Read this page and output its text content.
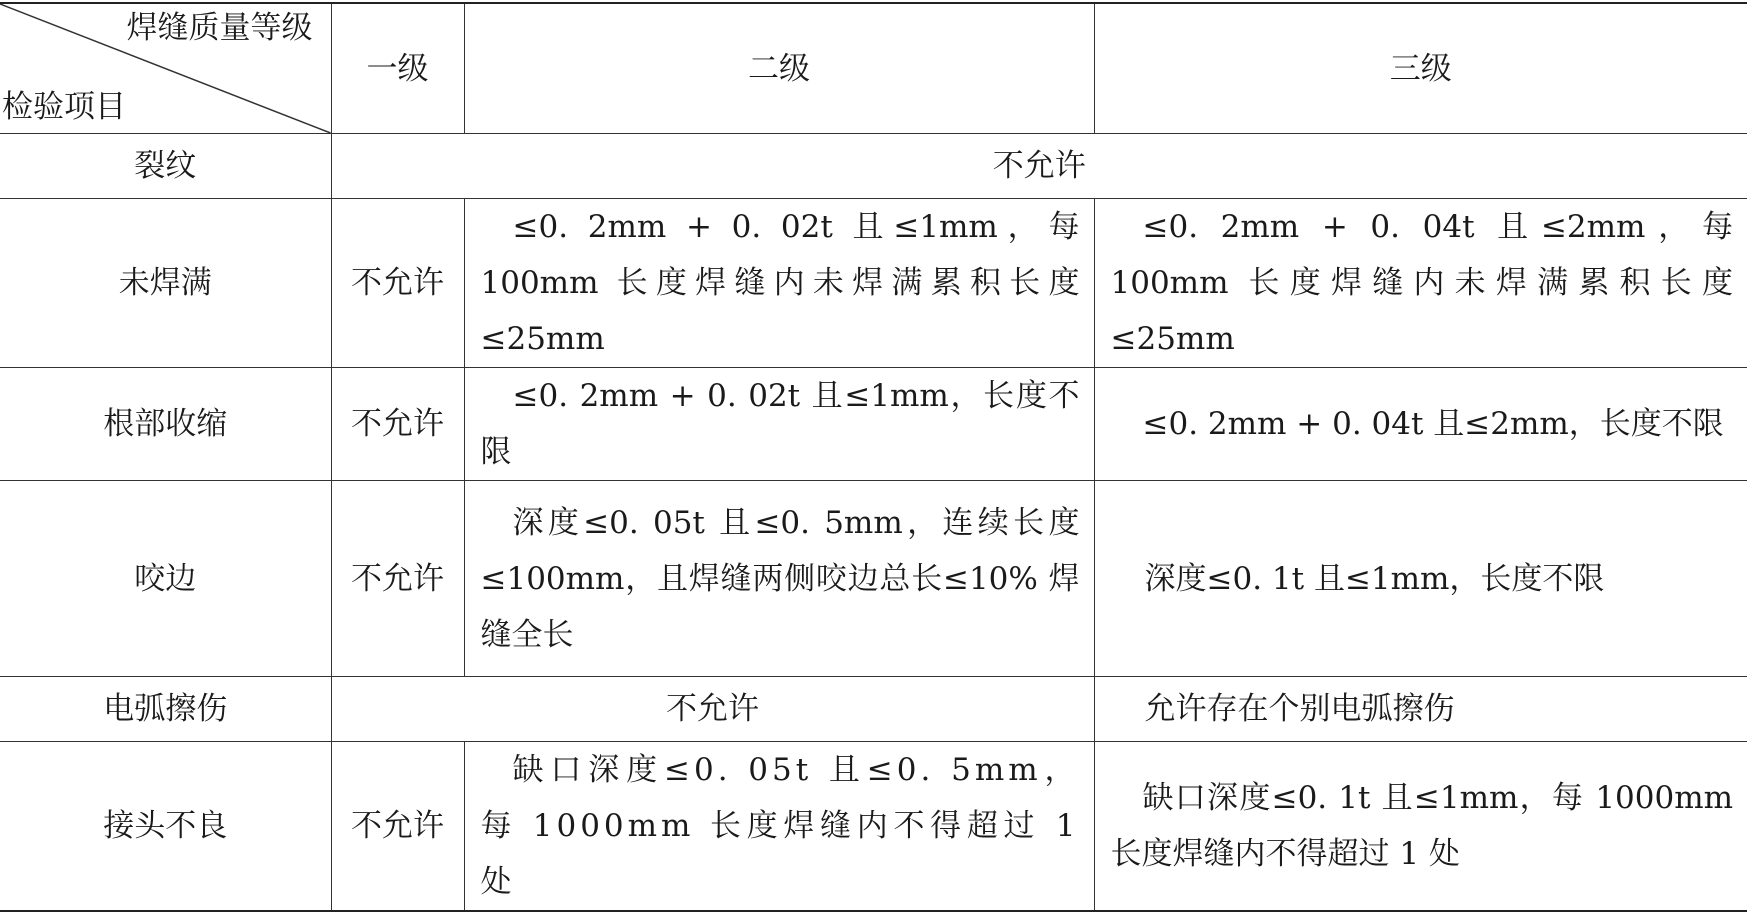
焊缝质量等级
检验项目	一级	二级	三级
裂纹	不允许		
未焊满	不允许	≤0. 2mm + 0. 02t 且≤1mm，每 100mm 长度焊缝内未焊满累积长度≤25mm	≤0. 2mm + 0. 04t 且≤2mm，每 100mm 长度焊缝内未焊满累积长度≤25mm

根部收缩	不允许	≤0. 2mm + 0. 02t 且≤1mm，长度不限	≤0. 2mm + 0. 04t 且≤2mm，长度不限

咬边	不允许	深度≤0. 05t 且≤0. 5mm，连续长度≤100mm，且焊缝两侧咬边总长≤10% 焊缝全长	深度≤0. 1t 且≤1mm，长度不限
电弧擦伤	不允许		允许存在个别电弧擦伤
接头不良	不允许	缺口深度≤0. 05t 且≤0. 5mm，每 1000mm 长度焊缝内不得超过 1 处	缺口深度≤0. 1t 且≤1mm，每 1000mm 长度焊缝内不得超过 1 处
